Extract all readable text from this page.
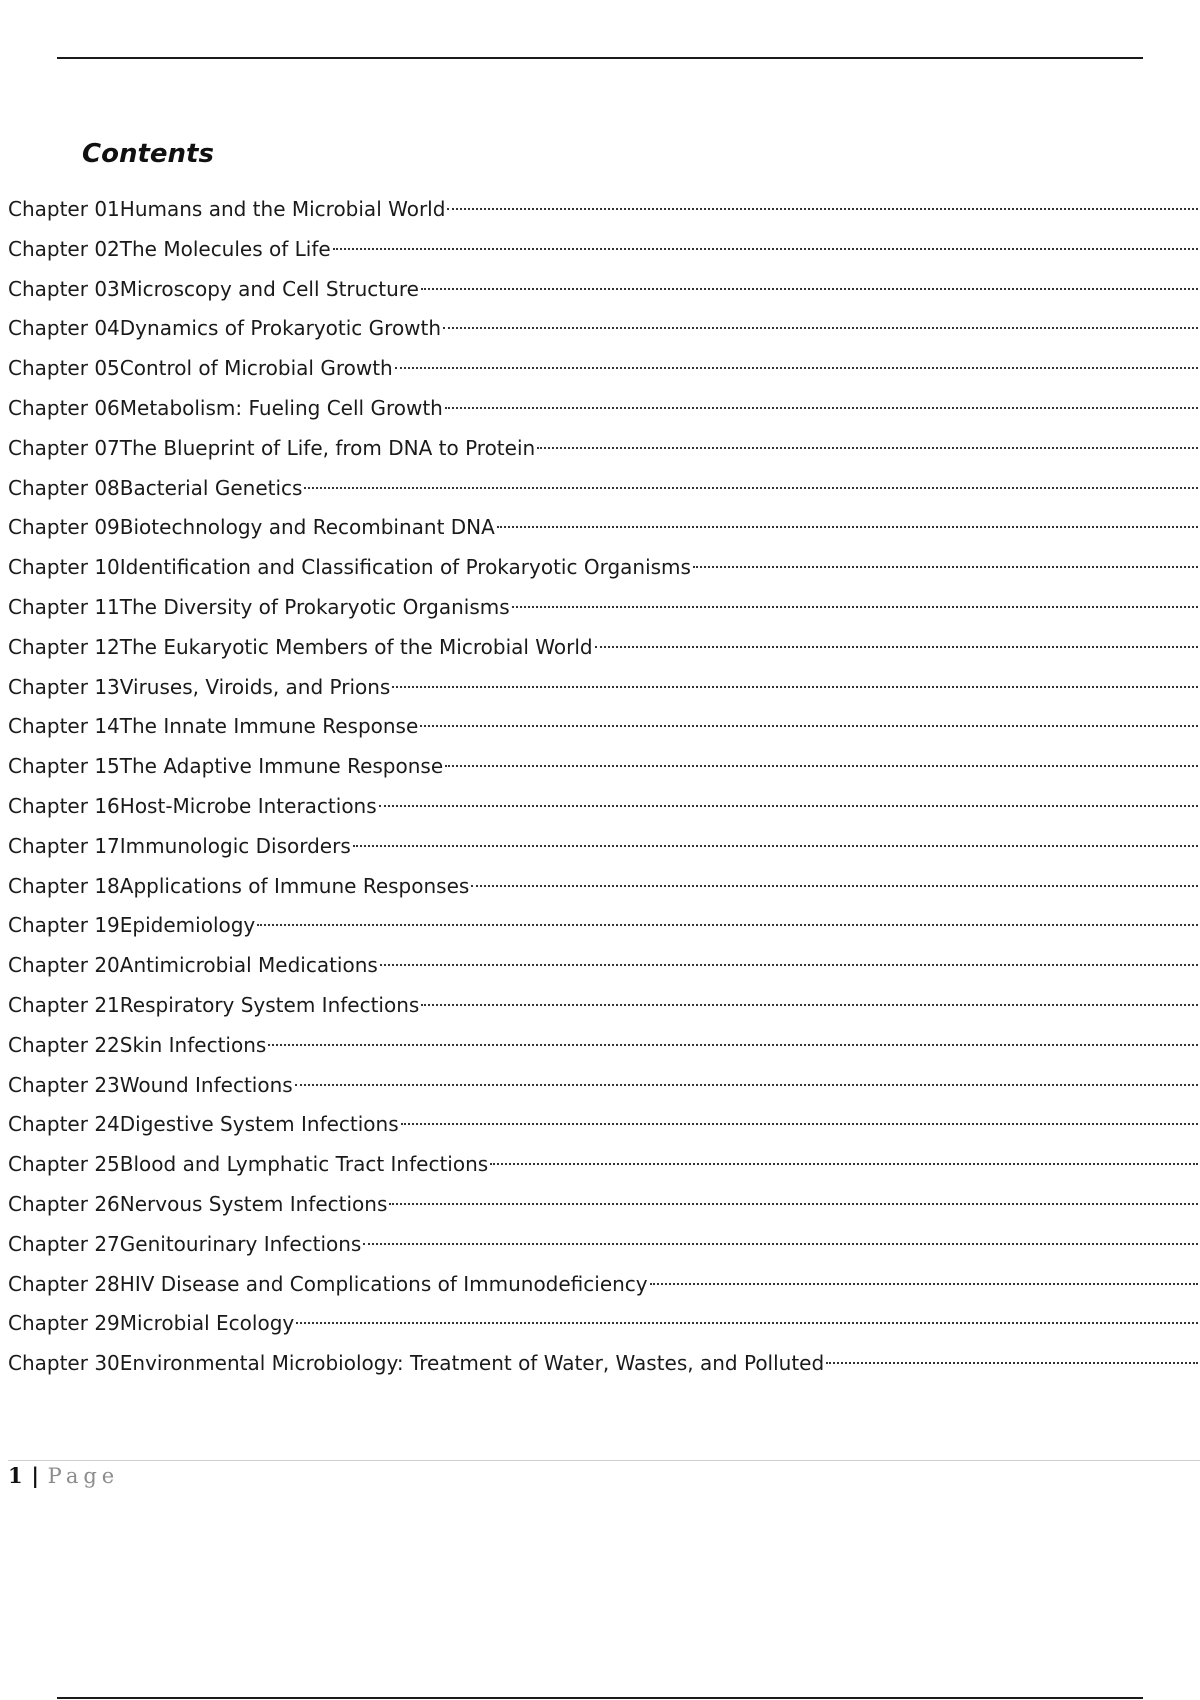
Contents
Chapter 01 Humans and the Microbial World
Chapter 02 The Molecules of Life
Chapter 03 Microscopy and Cell Structure
Chapter 04 Dynamics of Prokaryotic Growth
Chapter 05 Control of Microbial Growth
Chapter 06 Metabolism: Fueling Cell Growth
Chapter 07 The Blueprint of Life, from DNA to Protein
Chapter 08 Bacterial Genetics
Chapter 09 Biotechnology and Recombinant DNA
Chapter 10 Identification and Classification of Prokaryotic Organisms
Chapter 11 The Diversity of Prokaryotic Organisms
Chapter 12 The Eukaryotic Members of the Microbial World
Chapter 13 Viruses, Viroids, and Prions
Chapter 14 The Innate Immune Response
Chapter 15 The Adaptive Immune Response
Chapter 16 Host-Microbe Interactions
Chapter 17 Immunologic Disorders
Chapter 18 Applications of Immune Responses
Chapter 19 Epidemiology
Chapter 20 Antimicrobial Medications
Chapter 21 Respiratory System Infections
Chapter 22 Skin Infections
Chapter 23 Wound Infections
Chapter 24 Digestive System Infections
Chapter 25 Blood and Lymphatic Tract Infections
Chapter 26 Nervous System Infections
Chapter 27 Genitourinary Infections
Chapter 28 HIV Disease and Complications of Immunodeficiency
Chapter 29 Microbial Ecology
Chapter 30 Environmental Microbiology: Treatment of Water, Wastes, and Polluted
1 | Page
